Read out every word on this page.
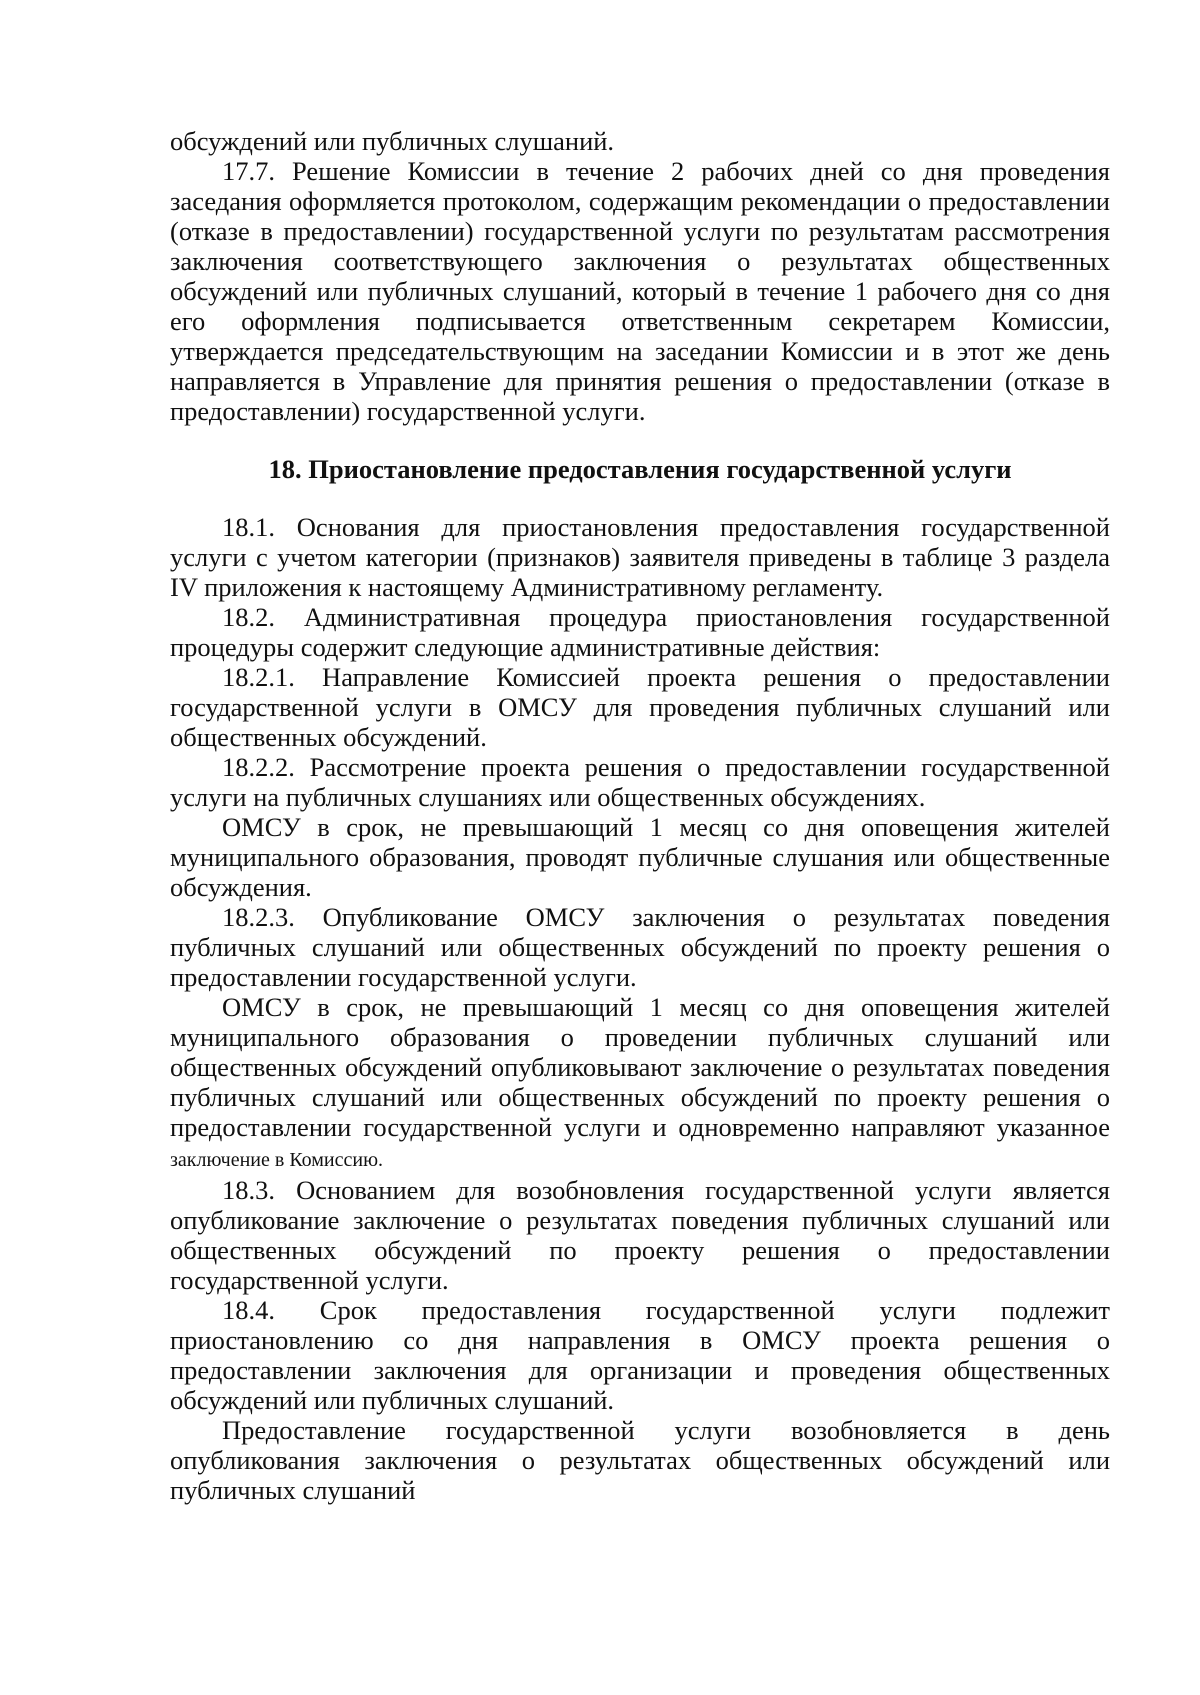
обсуждений или публичных слушаний.

17.7. Решение Комиссии в течение 2 рабочих дней со дня проведения заседания оформляется протоколом, содержащим рекомендации о предоставлении (отказе в предоставлении) государственной услуги по результатам рассмотрения заключения соответствующего заключения о результатах общественных обсуждений или публичных слушаний, который в течение 1 рабочего дня со дня его оформления подписывается ответственным секретарем Комиссии, утверждается председательствующим на заседании Комиссии и в этот же день направляется в Управление для принятия решения о предоставлении (отказе в предоставлении) государственной услуги.

18. Приостановление предоставления государственной услуги

18.1. Основания для приостановления предоставления государственной услуги с учетом категории (признаков) заявителя приведены в таблице 3 раздела IV приложения к настоящему Административному регламенту.

18.2. Административная процедура приостановления государственной процедуры содержит следующие административные действия:

18.2.1. Направление Комиссией проекта решения о предоставлении государственной услуги в ОМСУ для проведения публичных слушаний или общественных обсуждений.

18.2.2. Рассмотрение проекта решения о предоставлении государственной услуги на публичных слушаниях или общественных обсуждениях.

ОМСУ в срок, не превышающий 1 месяц со дня оповещения жителей муниципального образования, проводят публичные слушания или общественные обсуждения.

18.2.3. Опубликование ОМСУ заключения о результатах поведения публичных слушаний или общественных обсуждений по проекту решения о предоставлении государственной услуги.

ОМСУ в срок, не превышающий 1 месяц со дня оповещения жителей муниципального образования о проведении публичных слушаний или общественных обсуждений опубликовывают заключение о результатах поведения публичных слушаний или общественных обсуждений по проекту решения о предоставлении государственной услуги и одновременно направляют указанное заключение в Комиссию.

18.3. Основанием для возобновления государственной услуги является опубликование заключение о результатах поведения публичных слушаний или общественных обсуждений по проекту решения о предоставлении государственной услуги.

18.4. Срок предоставления государственной услуги подлежит приостановлению со дня направления в ОМСУ проекта решения о предоставлении заключения для организации и проведения общественных обсуждений или публичных слушаний.

Предоставление государственной услуги возобновляется в день опубликования заключения о результатах общественных обсуждений или публичных слушаний
